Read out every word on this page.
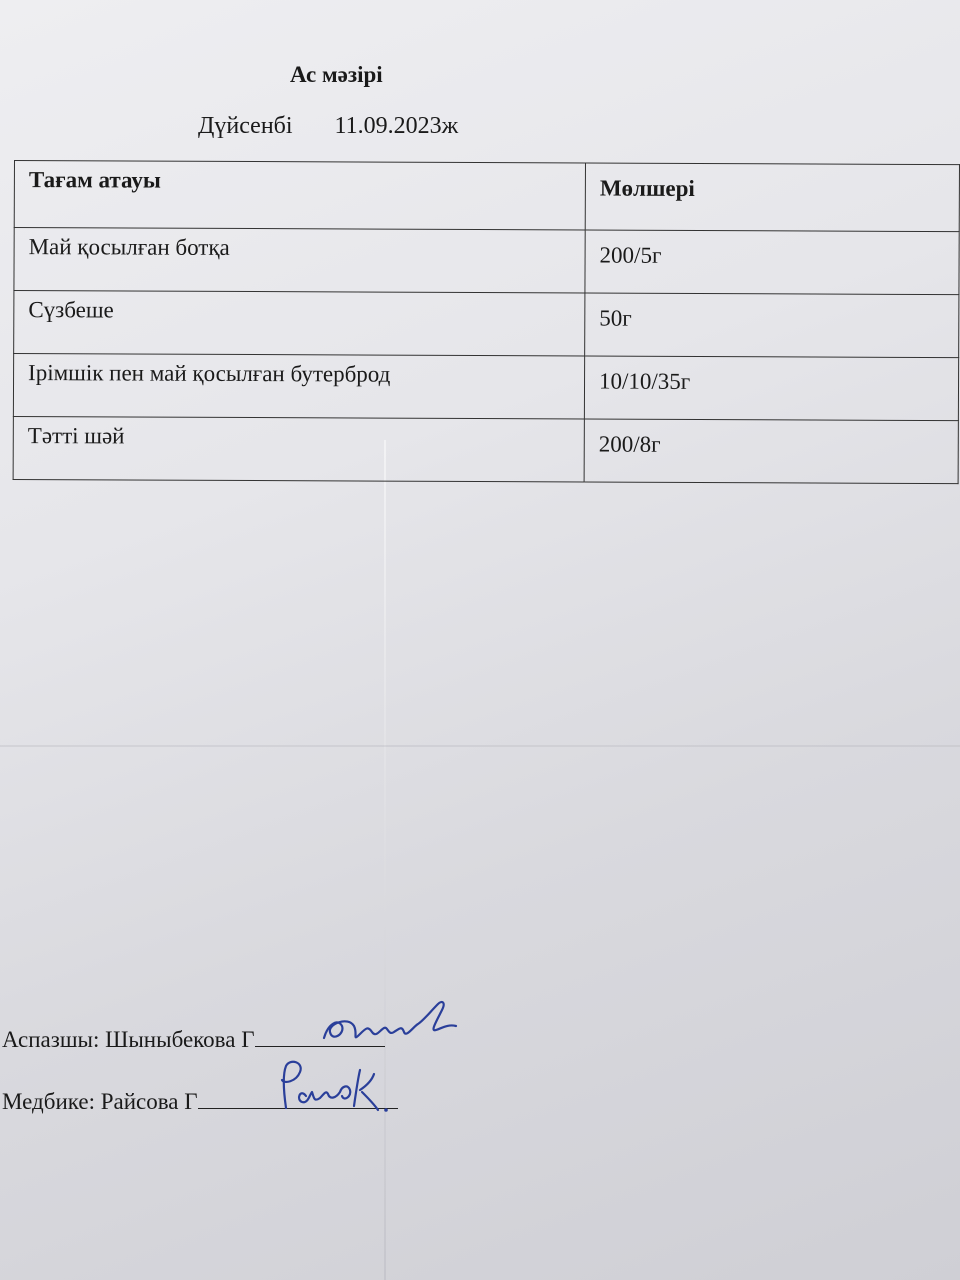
Ас мәзірі
Дүйсенбі 11.09.2023ж
Тағам атауы	Мөлшері
Май қосылған ботқа	200/5г
Сүзбеше	50г
Ірімшік пен май қосылған бутерброд	10/10/35г
Тәтті шәй	200/8г
Аспазшы: Шыныбекова Г
Медбике: Райсова Г
